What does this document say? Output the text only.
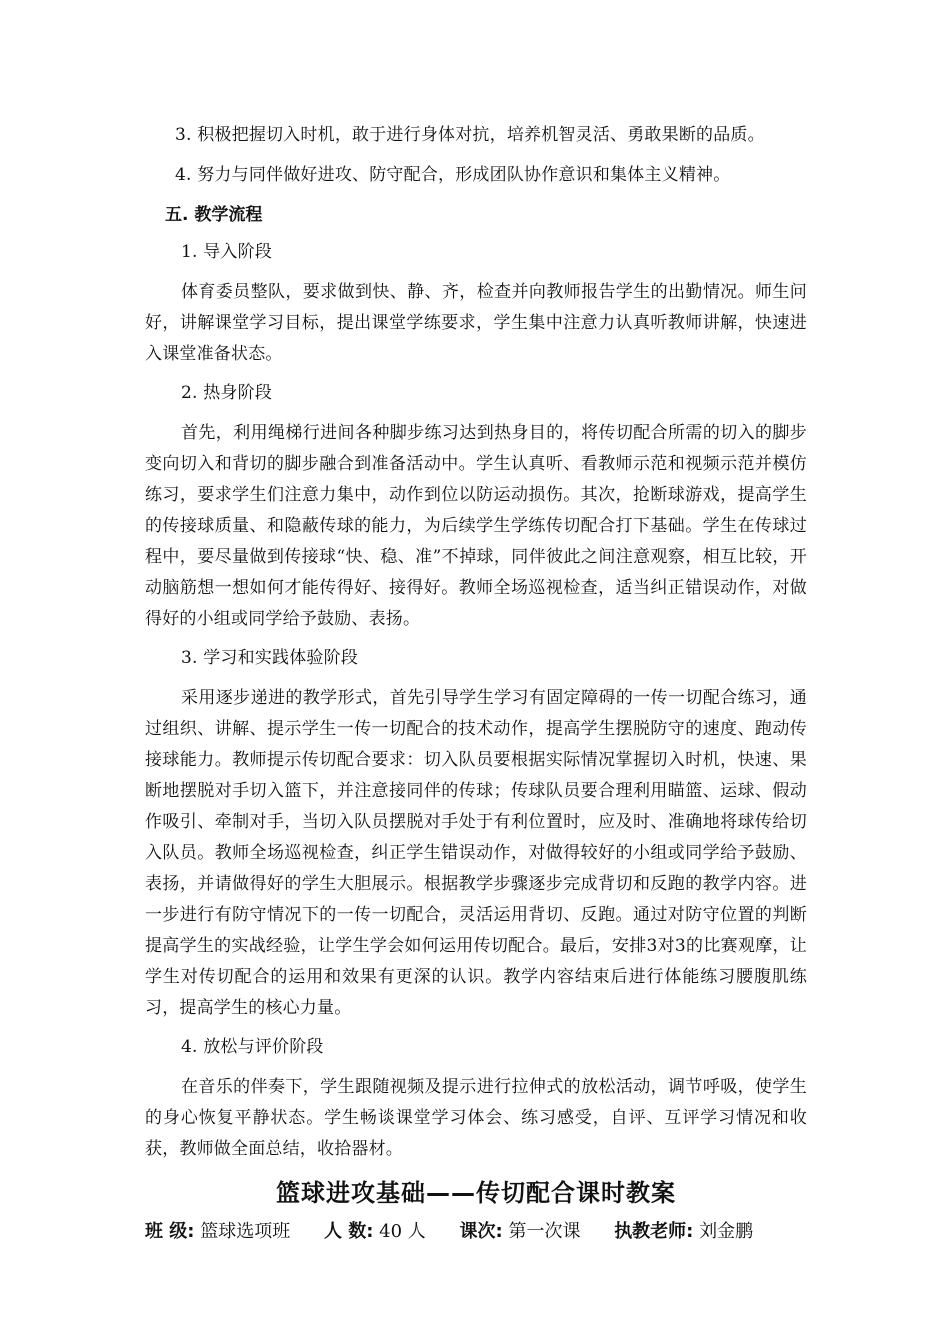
3. 积极把握切入时机，敢于进行身体对抗，培养机智灵活、勇敢果断的品质。

4. 努力与同伴做好进攻、防守配合，形成团队协作意识和集体主义精神。

五. 教学流程

1. 导入阶段

体育委员整队，要求做到快、静、齐，检查并向教师报告学生的出勤情况。师生问好，讲解课堂学习目标，提出课堂学练要求，学生集中注意力认真听教师讲解，快速进入课堂准备状态。

2. 热身阶段

首先，利用绳梯行进间各种脚步练习达到热身目的，将传切配合所需的切入的脚步变向切入和背切的脚步融合到准备活动中。学生认真听、看教师示范和视频示范并模仿练习，要求学生们注意力集中，动作到位以防运动损伤。其次，抢断球游戏，提高学生的传接球质量、和隐蔽传球的能力，为后续学生学练传切配合打下基础。学生在传球过程中，要尽量做到传接球“快、稳、准”不掉球，同伴彼此之间注意观察，相互比较，开动脑筋想一想如何才能传得好、接得好。教师全场巡视检查，适当纠正错误动作，对做得好的小组或同学给予鼓励、表扬。

3. 学习和实践体验阶段

采用逐步递进的教学形式，首先引导学生学习有固定障碍的一传一切配合练习，通过组织、讲解、提示学生一传一切配合的技术动作，提高学生摆脱防守的速度、跑动传接球能力。教师提示传切配合要求：切入队员要根据实际情况掌握切入时机，快速、果断地摆脱对手切入篮下，并注意接同伴的传球；传球队员要合理利用瞄篮、运球、假动作吸引、牵制对手，当切入队员摆脱对手处于有利位置时，应及时、准确地将球传给切入队员。教师全场巡视检查，纠正学生错误动作，对做得较好的小组或同学给予鼓励、表扬，并请做得好的学生大胆展示。根据教学步骤逐步完成背切和反跑的教学内容。进一步进行有防守情况下的一传一切配合，灵活运用背切、反跑。通过对防守位置的判断提高学生的实战经验，让学生学会如何运用传切配合。最后，安排3对3的比赛观摩，让学生对传切配合的运用和效果有更深的认识。教学内容结束后进行体能练习腰腹肌练习，提高学生的核心力量。

4. 放松与评价阶段

在音乐的伴奏下，学生跟随视频及提示进行拉伸式的放松活动，调节呼吸，使学生的身心恢复平静状态。学生畅谈课堂学习体会、练习感受，自评、互评学习情况和收获，教师做全面总结，收拾器材。

篮球进攻基础——传切配合课时教案

班 级: 篮球选项班 人 数: 40 人 课次: 第一次课 执教老师: 刘金鹏
